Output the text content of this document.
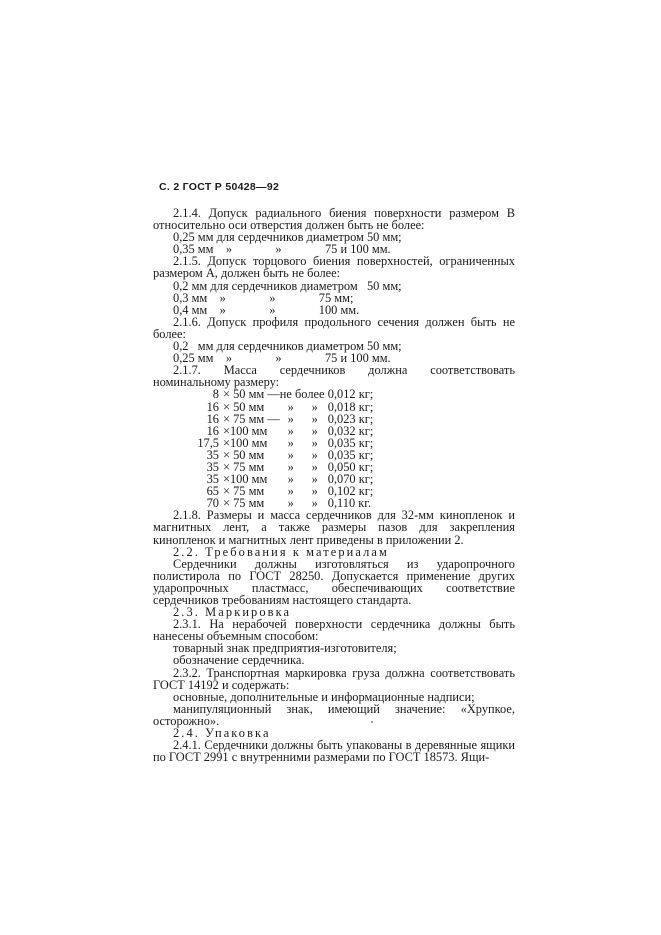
С. 2 ГОСТ Р 50428—92

2.1.4. Допуск радиального биения поверхности размером В относительно оси отверстия должен быть не более:

0,25 мм для сердечников диаметром 50 мм;

0,35 мм    »              »              75 и 100 мм.

2.1.5. Допуск торцового биения поверхностей, ограниченных размером А, должен быть не более:

0,2 мм для сердечников диаметром   50 мм;

0,3 мм    »              »              75 мм;

0,4 мм    »              »              100 мм.

2.1.6. Допуск профиля продольного сечения должен быть не более:

0,2   мм для сердечников диаметром 50 мм;

0,25 мм    »              »              75 и 100 мм.

2.1.7. Масса сердечников должна соответствовать номинальному размеру:

8	× 50 мм —	не более		0,012 кг;
16	× 50 мм	»	»	0,018 кг;
16	× 75 мм —	»	»	0,023 кг;
16	×100 мм	»	»	0,032 кг;
17,5	×100 мм	»	»	0,035 кг;
35	× 50 мм	»	»	0,035 кг;
35	× 75 мм	»	»	0,050 кг;
35	×100 мм	»	»	0,070 кг;
65	× 75 мм	»	»	0,102 кг;
70	× 75 мм	»	»	0,110 кг.

2.1.8. Размеры и масса сердечников для 32-мм кинопленок и магнитных лент, а также размеры пазов для закрепления кинопленок и магнитных лент приведены в приложении 2.

2.2. Требования к материалам

Сердечники должны изготовляться из ударопрочного полистирола по ГОСТ 28250. Допускается применение других ударопрочных пластмасс, обеспечивающих соответствие сердечников требованиям настоящего стандарта.

2.3. Маркировка

2.3.1. На нерабочей поверхности сердечника должны быть нанесены объемным способом:

товарный знак предприятия-изготовителя;

обозначение сердечника.

2.3.2. Транспортная маркировка груза должна соответствовать ГОСТ 14192 и содержать:

основные, дополнительные и информационные надписи;

манипуляционный знак, имеющий значение: «Хрупкое, осторожно».

2.4. Упаковка

2.4.1. Сердечники должны быть упакованы в деревянные ящики по ГОСТ 2991 с внутренними размерами по ГОСТ 18573. Ящи-
